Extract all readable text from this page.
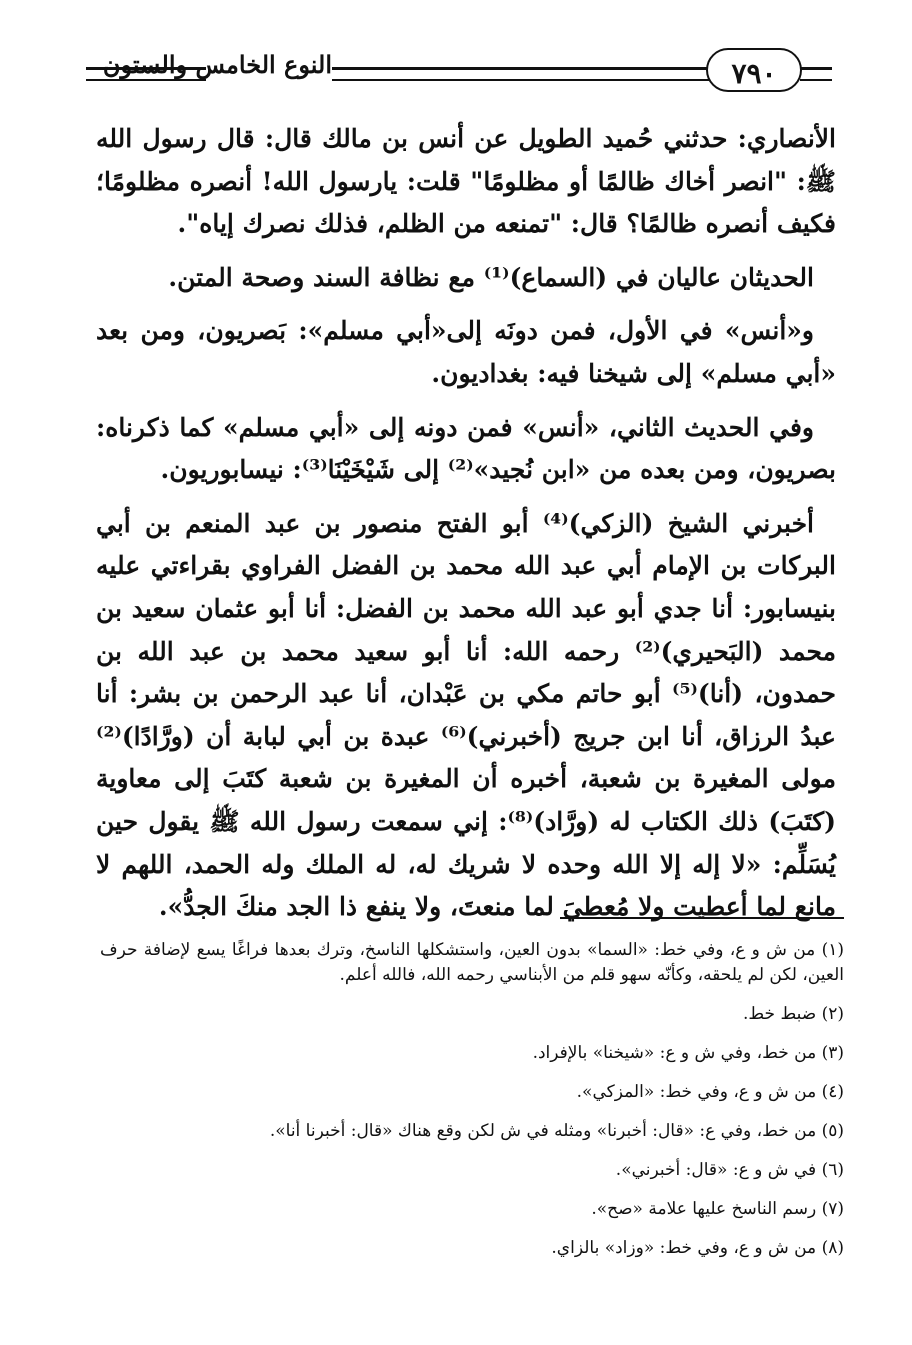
النوع الخامس والستون	٧٩٠

الأنصاري: حدثني حُميد الطويل عن أنس بن مالك قال: قال رسول الله ﷺ: "انصر أخاك ظالمًا أو مظلومًا" قلت: يارسول الله! أنصره مظلومًا؛ فكيف أنصره ظالمًا؟ قال: "تمنعه من الظلم، فذلك نصرك إياه".

الحديثان عاليان في (السماع)⁽¹⁾ مع نظافة السند وصحة المتن.

و«أنس» في الأول، فمن دونَه إلى«أبي مسلم»: بَصريون، ومن بعد «أبي مسلم» إلى شيخنا فيه: بغداديون.

وفي الحديث الثاني، «أنس» فمن دونه إلى «أبي مسلم» كما ذكرناه: بصريون، ومن بعده من «ابن نُجيد»⁽²⁾ إلى شَيْخَيْنَا⁽³⁾: نيسابوريون.

أخبرني الشيخ (الزكي)⁽⁴⁾ أبو الفتح منصور بن عبد المنعم بن أبي البركات بن الإمام أبي عبد الله محمد بن الفضل الفراوي بقراءتي عليه بنيسابور: أنا جدي أبو عبد الله محمد بن الفضل: أنا أبو عثمان سعيد بن محمد (البَحيري)⁽²⁾ رحمه الله: أنا أبو سعيد محمد بن عبد الله بن حمدون، (أنا)⁽⁵⁾ أبو حاتم مكي بن عَبْدان، أنا عبد الرحمن بن بشر: أنا عبدُ الرزاق، أنا ابن جريج (أخبرني)⁽⁶⁾ عبدة بن أبي لبابة أن (ورَّادًا)⁽²⁾ مولى المغيرة بن شعبة، أخبره أن المغيرة بن شعبة كتَبَ إلى معاوية (كتَبَ) ذلك الكتاب له (ورَّاد)⁽⁸⁾: إني سمعت رسول الله ﷺ يقول حين يُسَلِّم: «لا إله إلا الله وحده لا شريك له، له الملك وله الحمد، اللهم لا مانع لما أعطيت ولا مُعطيَ لما منعتَ، ولا ينفع ذا الجد منكَ الجدُّ».

(١) من ش و ع، وفي خط: «السما» بدون العين، واستشكلها الناسخ، وترك بعدها فراغًا يسع لإضافة حرف العين، لكن لم يلحقه، وكأنّه سهو قلم من الأبناسي رحمه الله، فالله أعلم.
(٢) ضبط خط.
(٣) من خط، وفي ش و ع: «شيخنا» بالإفراد.
(٤) من ش و ع، وفي خط: «المزكي».
(٥) من خط، وفي ع: «قال: أخبرنا» ومثله في ش لكن وقع هناك «قال: أخبرنا أنا».
(٦) في ش و ع: «قال: أخبرني».
(٧) رسم الناسخ عليها علامة «صح».
(٨) من ش و ع، وفي خط: «وزاد» بالزاي.
